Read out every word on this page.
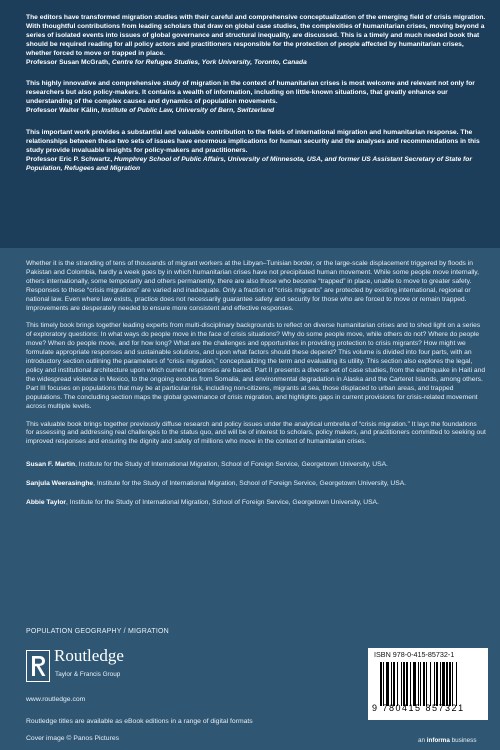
The editors have transformed migration studies with their careful and comprehensive conceptualization of the emerging field of crisis migration. With thoughtful contributions from leading scholars that draw on global case studies, the complexities of humanitarian crises, moving beyond a series of isolated events into issues of global governance and structural inequality, are discussed. This is a timely and much needed book that should be required reading for all policy actors and practitioners responsible for the protection of people affected by humanitarian crises, whether forced to move or trapped in place.
Professor Susan McGrath, Centre for Refugee Studies, York University, Toronto, Canada
This highly innovative and comprehensive study of migration in the context of humanitarian crises is most welcome and relevant not only for researchers but also policy-makers. It contains a wealth of information, including on little-known situations, that greatly enhance our understanding of the complex causes and dynamics of population movements.
Professor Walter Kälin, Institute of Public Law, University of Bern, Switzerland
This important work provides a substantial and valuable contribution to the fields of international migration and humanitarian response. The relationships between these two sets of issues have enormous implications for human security and the analyses and recommendations in this study provide invaluable insights for policy-makers and practitioners.
Professor Eric P. Schwartz, Humphrey School of Public Affairs, University of Minnesota, USA, and former US Assistant Secretary of State for Population, Refugees and Migration

Whether it is the stranding of tens of thousands of migrant workers at the Libyan–Tunisian border, or the large-scale displacement triggered by floods in Pakistan and Colombia, hardly a week goes by in which humanitarian crises have not precipitated human movement. While some people move internally, others internationally, some temporarily and others permanently, there are also those who become “trapped” in place, unable to move to greater safety. Responses to these “crisis migrations” are varied and inadequate. Only a fraction of “crisis migrants” are protected by existing international, regional or national law. Even where law exists, practice does not necessarily guarantee safety and security for those who are forced to move or remain trapped. Improvements are desperately needed to ensure more consistent and effective responses.

This timely book brings together leading experts from multi-disciplinary backgrounds to reflect on diverse humanitarian crises and to shed light on a series of exploratory questions: In what ways do people move in the face of crisis situations? Why do some people move, while others do not? Where do people move? When do people move, and for how long? What are the challenges and opportunities in providing protection to crisis migrants? How might we formulate appropriate responses and sustainable solutions, and upon what factors should these depend? This volume is divided into four parts, with an introductory section outlining the parameters of “crisis migration,” conceptualizing the term and evaluating its utility. This section also explores the legal, policy and institutional architecture upon which current responses are based. Part II presents a diverse set of case studies, from the earthquake in Haiti and the widespread violence in Mexico, to the ongoing exodus from Somalia, and environmental degradation in Alaska and the Carteret Islands, among others. Part III focuses on populations that may be at particular risk, including non-citizens, migrants at sea, those displaced to urban areas, and trapped populations. The concluding section maps the global governance of crisis migration, and highlights gaps in current provisions for crisis-related movement across multiple levels.

This valuable book brings together previously diffuse research and policy issues under the analytical umbrella of “crisis migration.” It lays the foundations for assessing and addressing real challenges to the status quo, and will be of interest to scholars, policy makers, and practitioners committed to seeking out improved responses and ensuring the dignity and safety of millions who move in the context of humanitarian crises.

Susan F. Martin, Institute for the Study of International Migration, School of Foreign Service, Georgetown University, USA.

Sanjula Weerasinghe, Institute for the Study of International Migration, School of Foreign Service, Georgetown University, USA.

Abbie Taylor, Institute for the Study of International Migration, School of Foreign Service, Georgetown University, USA.

POPULATION GEOGRAPHY / MIGRATION
Routledge
Taylor & Francis Group
www.routledge.com
Routledge titles are available as eBook editions in a range of digital formats
Cover image © Panos Pictures
ISBN 978-0-415-85732-1
9 780415 857321
an informa business
